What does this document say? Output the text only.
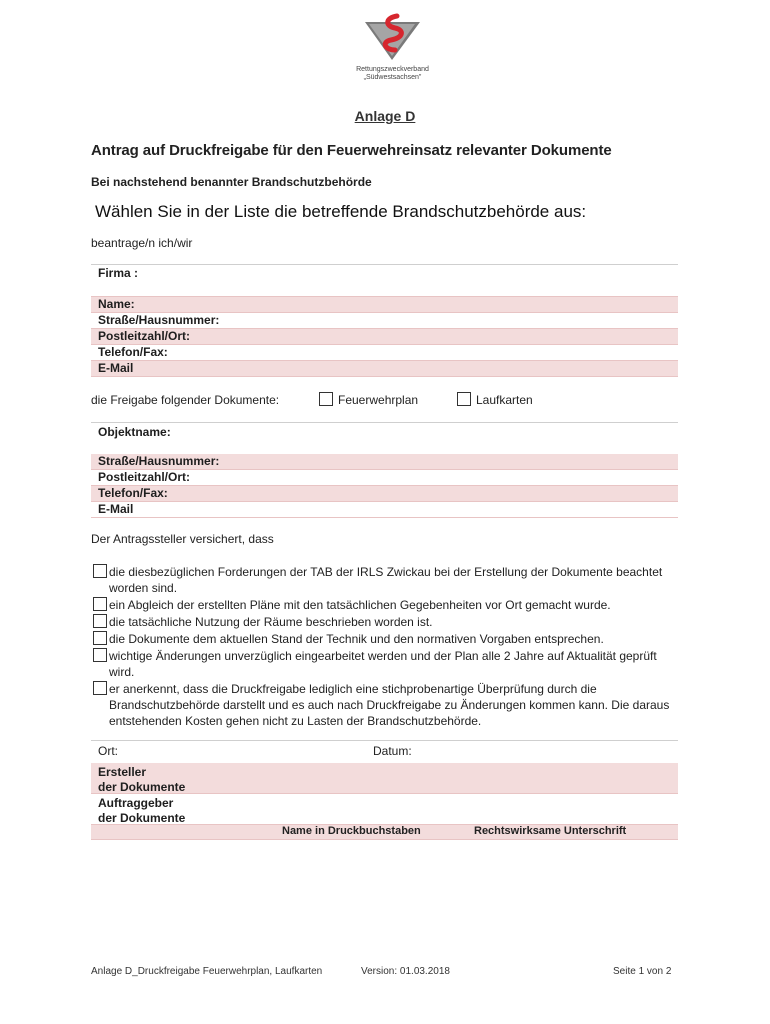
Rettungszweckverband
„Südwestsachsen"
Anlage D
Antrag auf Druckfreigabe für den Feuerwehreinsatz relevanter Dokumente
Bei nachstehend benannter Brandschutzbehörde
Wählen Sie in der Liste die betreffende Brandschutzbehörde aus:
beantrage/n ich/wir
Firma :
Name:
Straße/Hausnummer:
Postleitzahl/Ort:
Telefon/Fax:
E-Mail
die Freigabe folgender Dokumente:	Feuerwehrplan	Laufkarten
Objektname:
Straße/Hausnummer:
Postleitzahl/Ort:
Telefon/Fax:
E-Mail
Der Antragssteller versichert, dass
die diesbezüglichen Forderungen der TAB der IRLS Zwickau bei der Erstellung der Dokumente beachtet worden sind.
ein Abgleich der erstellten Pläne mit den tatsächlichen Gegebenheiten vor Ort gemacht wurde.
die tatsächliche Nutzung der Räume beschrieben worden ist.
die Dokumente dem aktuellen Stand der Technik und den normativen Vorgaben entsprechen.
wichtige Änderungen unverzüglich eingearbeitet werden und der Plan alle 2 Jahre auf Aktualität geprüft wird.
er anerkennt, dass die Druckfreigabe lediglich eine stichprobenartige Überprüfung durch die Brandschutzbehörde darstellt und es auch nach Druckfreigabe zu Änderungen kommen kann. Die daraus entstehenden Kosten gehen nicht zu Lasten der Brandschutzbehörde.
Ort:	Datum:
Ersteller
der Dokumente
Auftraggeber
der Dokumente
Name in Druckbuchstaben	Rechtswirksame Unterschrift
Anlage D_Druckfreigabe Feuerwehrplan, Laufkarten	Version: 01.03.2018	Seite 1 von 2
